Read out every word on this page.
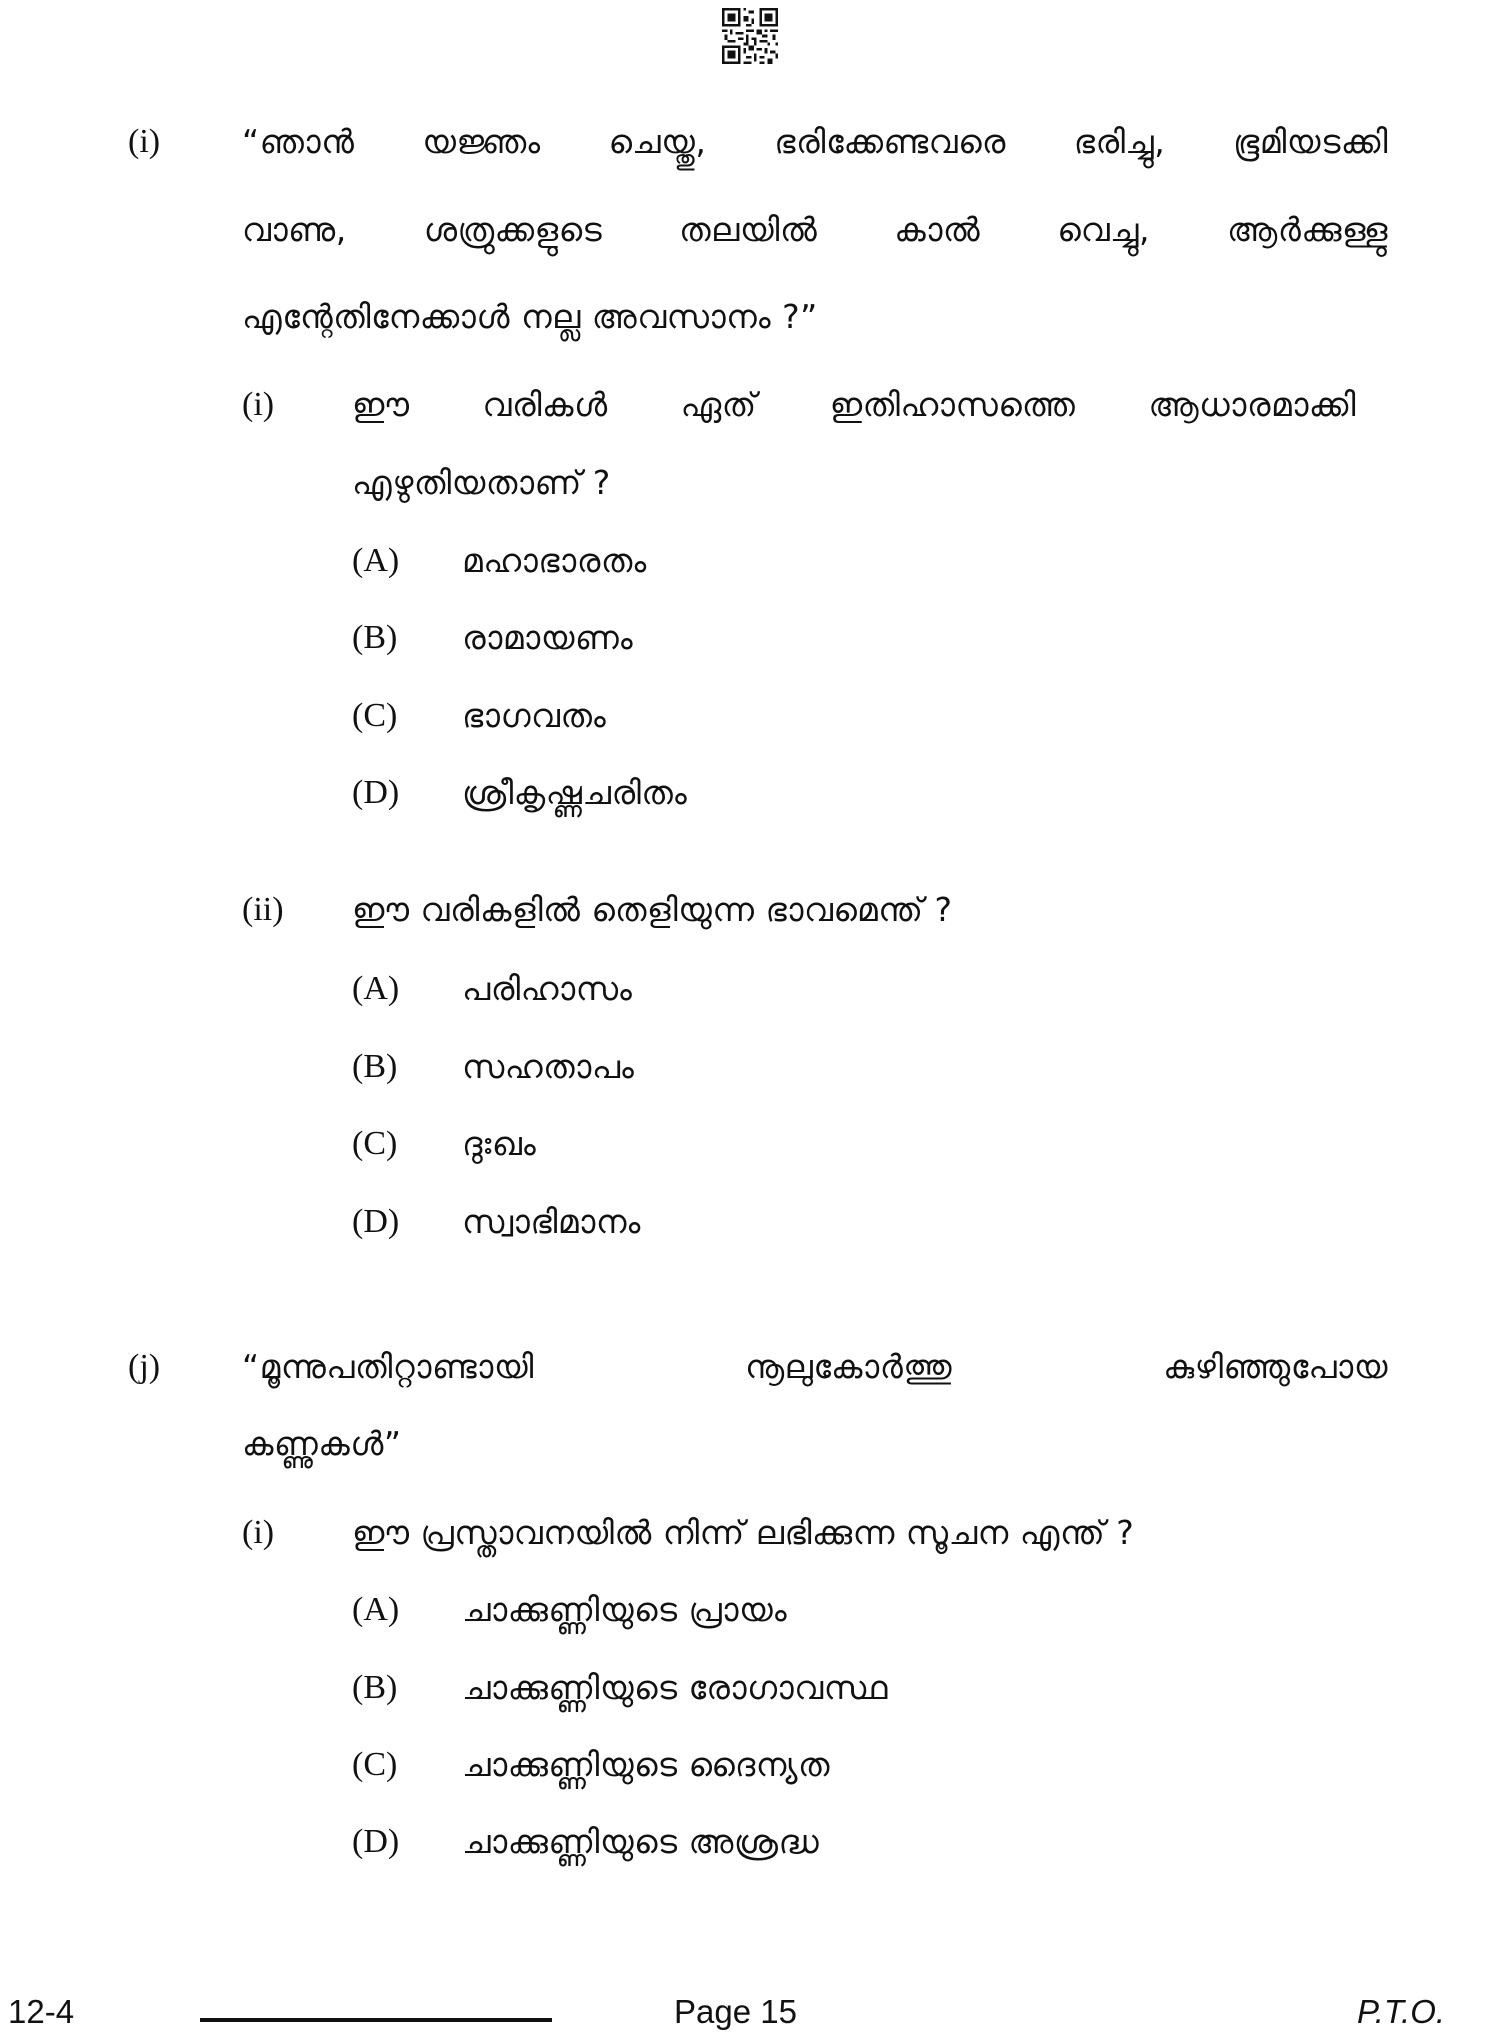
(i) “ഞാൻ യജ്ഞം ചെയ്തു, ഭരിക്കേണ്ടവരെ ഭരിച്ചു, ഭൂമിയടക്കി
വാണു, ശത്രുക്കളുടെ തലയിൽ കാൽ വെച്ചു, ആർക്കുള്ളു
എന്റേതിനേക്കാൾ നല്ല അവസാനം ?”
(i) ഈ വരികൾ ഏത് ഇതിഹാസത്തെ ആധാരമാക്കി
എഴുതിയതാണ് ?
(A) മഹാഭാരതം
(B) രാമായണം
(C) ഭാഗവതം
(D) ശ്രീകൃഷ്ണചരിതം
(ii) ഈ വരികളിൽ തെളിയുന്ന ഭാവമെന്ത് ?
(A) പരിഹാസം
(B) സഹതാപം
(C) ദുഃഖം
(D) സ്വാഭിമാനം
(j) “മൂന്നുപതിറ്റാണ്ടായി നൂലുകോർത്തു കുഴിഞ്ഞുപോയ
കണ്ണുകൾ”
(i) ഈ പ്രസ്താവനയിൽ നിന്ന് ലഭിക്കുന്ന സൂചന എന്ത് ?
(A) ചാക്കുണ്ണിയുടെ പ്രായം
(B) ചാക്കുണ്ണിയുടെ രോഗാവസ്ഥ
(C) ചാക്കുണ്ണിയുടെ ദൈന്യത
(D) ചാക്കുണ്ണിയുടെ അശ്രദ്ധ
12-4	Page 15	P.T.O.
